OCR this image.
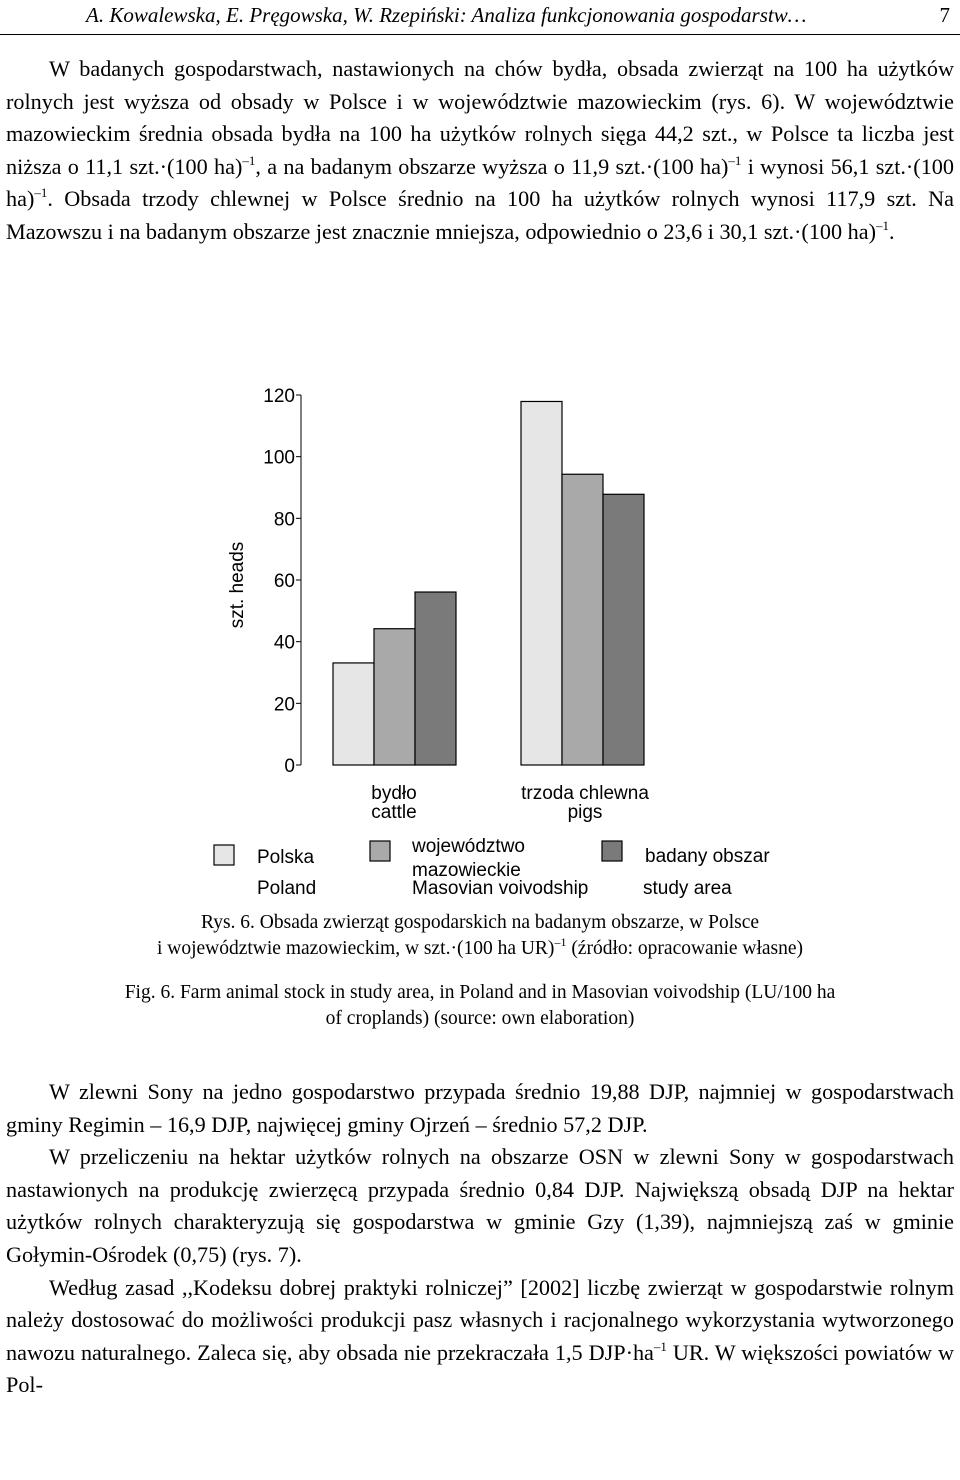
A. Kowalewska, E. Pręgowska, W. Rzepiński: Analiza funkcjonowania gospodarstw…	7

W badanych gospodarstwach, nastawionych na chów bydła, obsada zwierząt na 100 ha użytków rolnych jest wyższa od obsady w Polsce i w województwie mazowieckim (rys. 6). W województwie mazowieckim średnia obsada bydła na 100 ha użytków rolnych sięga 44,2 szt., w Polsce ta liczba jest niższa o 11,1 szt.·(100 ha)$^{-1}$, a na badanym obszarze wyższa o 11,9 szt.·(100 ha)$^{-1}$ i wynosi 56,1 szt.·(100 ha)$^{-1}$. Obsada trzody chlewnej w Polsce średnio na 100 ha użytków rolnych wynosi 117,9 szt. Na Mazowszu i na badanym obszarze jest znacznie mniejsza, odpowiednio o 23,6 i 30,1 szt.·(100 ha)$^{-1}$.

0
20
40
60
80
100
120
szt. heads
bydło
cattle
trzoda chlewna
pigs
Polska
Poland
województwo
mazowieckie
Masovian voivodship
badany obszar
study area
Rys. 6. Obsada zwierząt gospodarskich na badanym obszarze, w Polsce
i województwie mazowieckim, w szt.·(100 ha UR)$^{-1}$ (źródło: opracowanie własne)
Fig. 6. Farm animal stock in study area, in Poland and in Masovian voivodship (LU/100 ha
of croplands) (source: own elaboration)

W zlewni Sony na jedno gospodarstwo przypada średnio 19,88 DJP, najmniej w gospodarstwach gminy Regimin – 16,9 DJP, najwięcej gminy Ojrzeń – średnio 57,2 DJP.

W przeliczeniu na hektar użytków rolnych na obszarze OSN w zlewni Sony w gospodarstwach nastawionych na produkcję zwierzęcą przypada średnio 0,84 DJP. Największą obsadą DJP na hektar użytków rolnych charakteryzują się gospodarstwa w gminie Gzy (1,39), najmniejszą zaś w gminie Gołymin-Ośrodek (0,75) (rys. 7).

Według zasad ,,Kodeksu dobrej praktyki rolniczej” [2002] liczbę zwierząt w gospodarstwie rolnym należy dostosować do możliwości produkcji pasz własnych i racjonalnego wykorzystania wytworzonego nawozu naturalnego. Zaleca się, aby obsada nie przekraczała 1,5 $DJP\cdot ha^{-1}$ UR. W większości powiatów w Pol-
